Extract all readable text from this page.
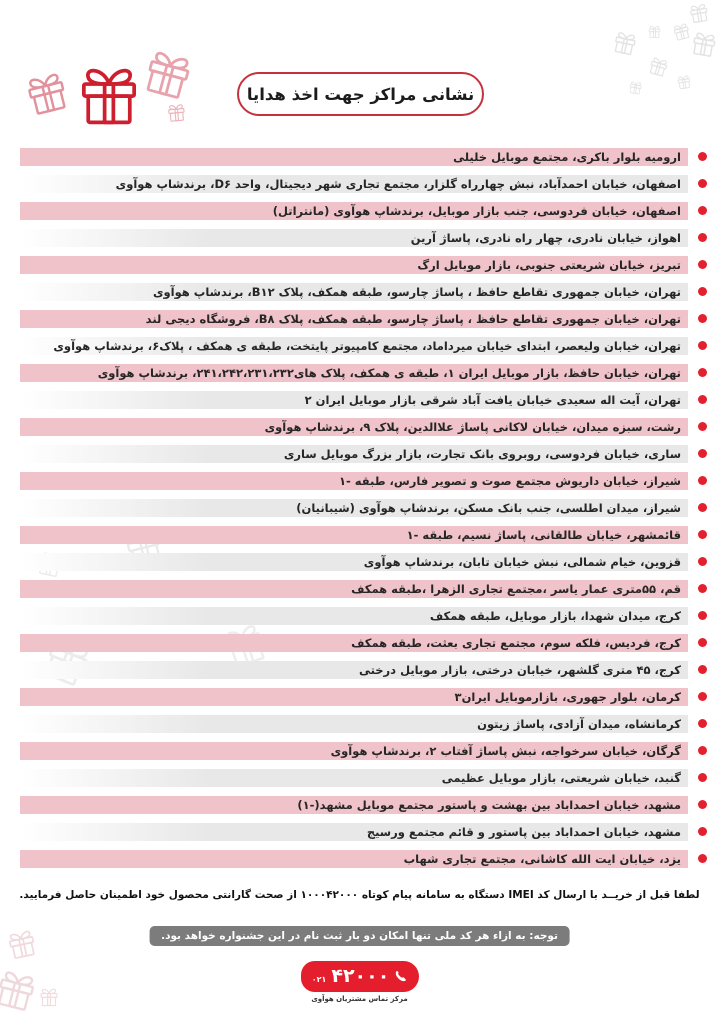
نشانی مراکز جهت اخذ هدایا
ارومیه بلوار باکری، مجتمع موبایل خلیلی
اصفهان، خیابان احمدآباد، نبش چهارراه گلزار، مجتمع تجاری شهر دیجیتال، واحد D۶، برندشاپ هوآوی
اصفهان، خیابان فردوسی، جنب بازار موبایل، برندشاپ هوآوی (مانتراتل)
اهواز، خیابان نادری، چهار راه نادری، پاساژ آرین
تبریز، خیابان شریعتی جنوبی، بازار موبایل ارگ
تهران، خیابان جمهوری تقاطع حافظ ، پاساژ چارسو، طبقه همکف، پلاک B۱۲، برندشاپ هوآوی
تهران، خیابان جمهوری تقاطع حافظ ، پاساژ چارسو، طبقه همکف، پلاک B۸، فروشگاه دیجی لند
تهران، خیابان ولیعصر، ابتدای خیابان میرداماد، مجتمع کامپیوتر پایتخت، طبقه ی همکف ، پلاک۶، برندشاپ هوآوی
تهران، خیابان حافظ، بازار موبایل ایران ۱، طبقه ی همکف، پلاک های۲۴۱،۲۴۲،۲۳۱،۲۳۲، برندشاپ هوآوی
تهران، آیت اله سعیدی خیابان یافت آباد شرقی بازار موبایل ایران ۲
رشت، سبزه میدان، خیابان لاکانی پاساژ علاالدین، پلاک ۹، برندشاپ هوآوی
ساری، خیابان فردوسی، روبروی بانک تجارت، بازار بزرگ موبایل ساری
شیراز، خیابان داریوش مجتمع صوت و تصویر فارس، طبقه -۱
شیراز، میدان اطلسی، جنب بانک مسکن، برندشاپ هوآوی (شیبانیان)
قائمشهر، خیابان طالقانی، پاساژ نسیم، طبقه -۱
قزوین، خیام شمالی، نبش خیابان تابان، برندشاپ هوآوی
قم، ۵۵متری عمار یاسر ،مجتمع تجاری الزهرا ،طبقه همکف
کرج، میدان شهدا، بازار موبایل، طبقه همکف
کرج، فردیس، فلکه سوم، مجتمع تجاری بعثت، طبقه همکف
کرج، ۴۵ متری گلشهر، خیابان درختی، بازار موبایل درختی
کرمان، بلوار جهوری، بازارموبایل ایران۳
کرمانشاه، میدان آزادی، پاساژ زیتون
گرگان، خیابان سرخواجه، نبش پاساژ آفتاب ۲، برندشاپ هوآوی
گنبد، خیابان شریعتی، بازار موبایل عظیمی
مشهد، خیابان احمداباد بین بهشت و پاستور مجتمع موبایل مشهد(-۱)
مشهد، خیابان احمداباد بین پاستور و قائم مجتمع ورسیج
یزد، خیابان ایت الله کاشانی، مجتمع تجاری شهاب
لطفا قبل از خریــد با ارسال کد IMEI دستگاه به سامانه پیام کوتاه ۱۰۰۰۴۲۰۰۰ از صحت گارانتی محصول خود اطمینان حاصل فرمایید.
توجه: به ازاء هر کد ملی تنها امکان دو بار ثبت نام در این جشنواره خواهد بود.
۴۲۰۰۰
۰۲۱
مرکز تماس مشتریان هوآوی
